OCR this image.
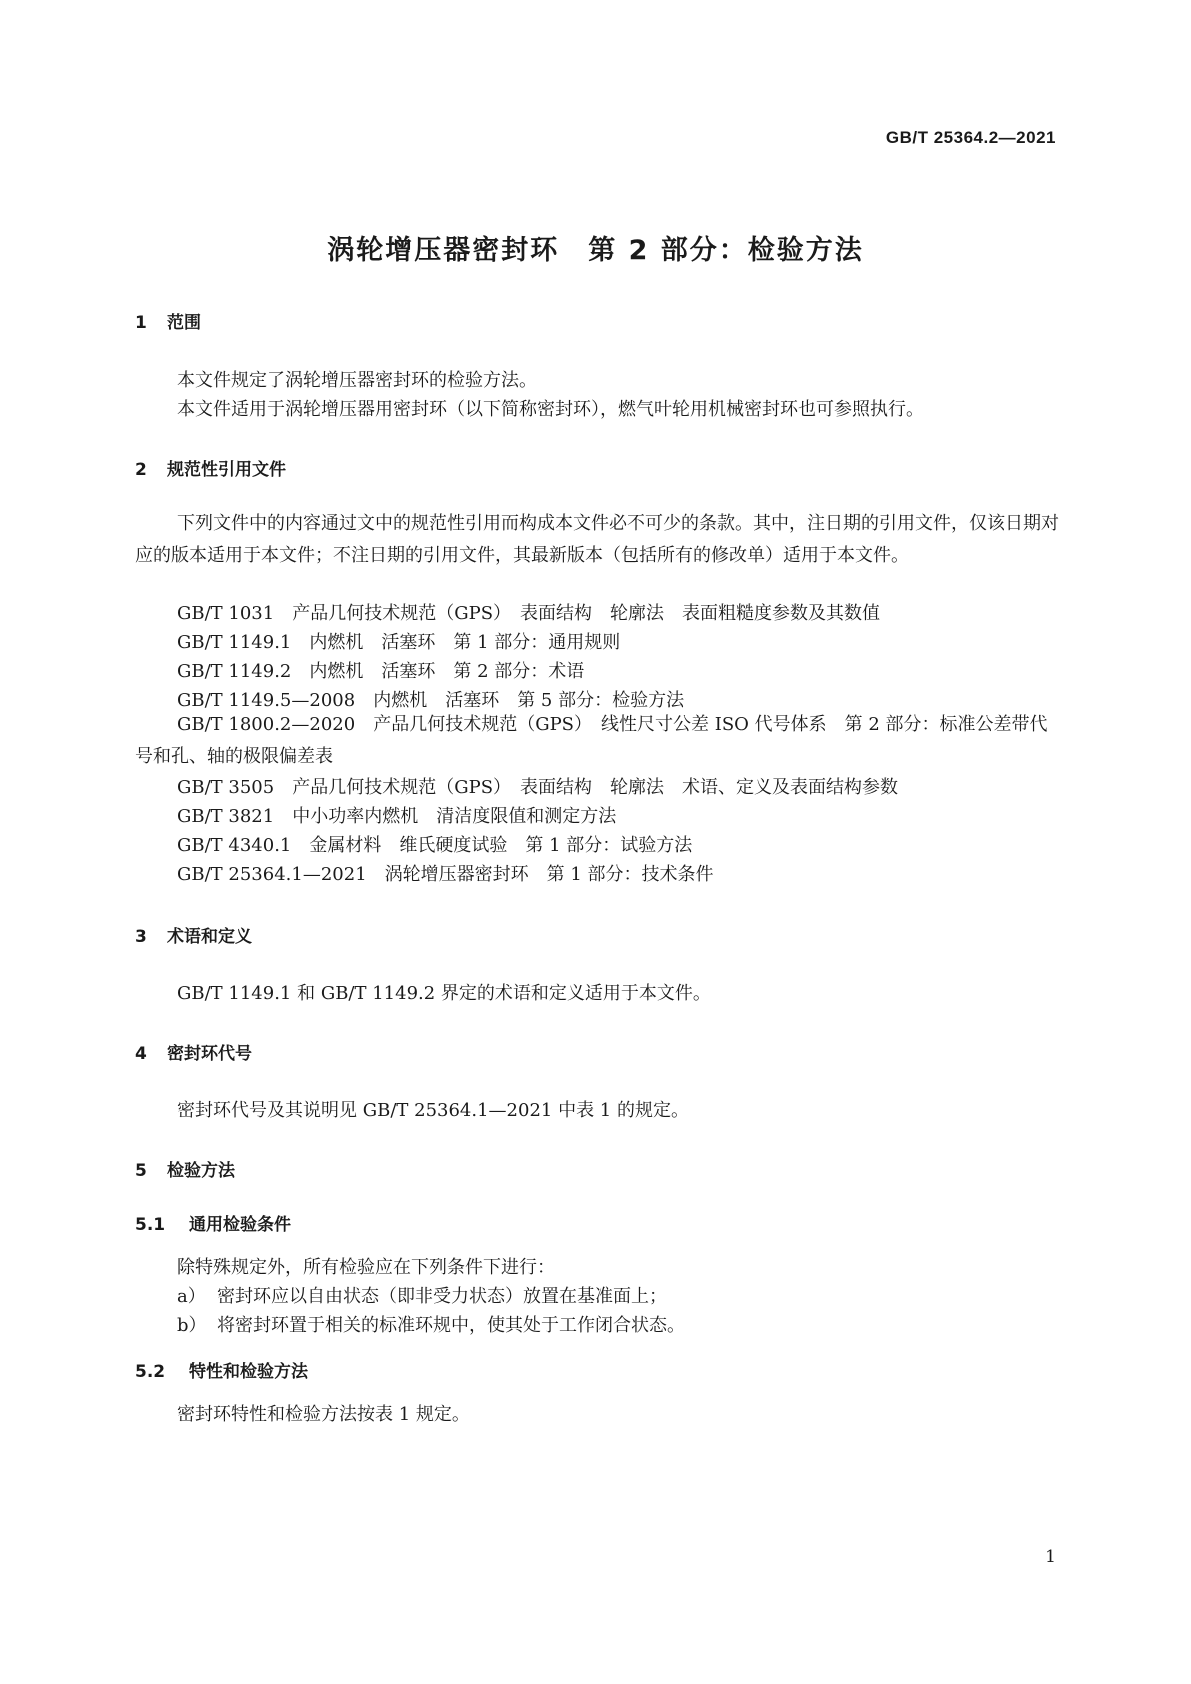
GB/T 25364.2—2021
涡轮增压器密封环　第 2 部分：检验方法
1	范围
本文件规定了涡轮增压器密封环的检验方法。
本文件适用于涡轮增压器用密封环（以下简称密封环），燃气叶轮用机械密封环也可参照执行。
2	规范性引用文件
下列文件中的内容通过文中的规范性引用而构成本文件必不可少的条款。其中，注日期的引用文件，仅该日期对应的版本适用于本文件；不注日期的引用文件，其最新版本（包括所有的修改单）适用于本文件。
GB/T 1031　产品几何技术规范（GPS）　表面结构　轮廓法　表面粗糙度参数及其数值
GB/T 1149.1　内燃机　活塞环　第 1 部分：通用规则
GB/T 1149.2　内燃机　活塞环　第 2 部分：术语
GB/T 1149.5—2008　内燃机　活塞环　第 5 部分：检验方法
GB/T 1800.2—2020　产品几何技术规范（GPS）　线性尺寸公差 ISO 代号体系　第 2 部分：标准公差带代号和孔、轴的极限偏差表
GB/T 3505　产品几何技术规范（GPS）　表面结构　轮廓法　术语、定义及表面结构参数
GB/T 3821　中小功率内燃机　清洁度限值和测定方法
GB/T 4340.1　金属材料　维氏硬度试验　第 1 部分：试验方法
GB/T 25364.1—2021　涡轮增压器密封环　第 1 部分：技术条件
3	术语和定义
GB/T 1149.1 和 GB/T 1149.2 界定的术语和定义适用于本文件。
4	密封环代号
密封环代号及其说明见 GB/T 25364.1—2021 中表 1 的规定。
5	检验方法
5.1	通用检验条件
除特殊规定外，所有检验应在下列条件下进行：
a） 密封环应以自由状态（即非受力状态）放置在基准面上；
b） 将密封环置于相关的标准环规中，使其处于工作闭合状态。
5.2	特性和检验方法
密封环特性和检验方法按表 1 规定。
1
